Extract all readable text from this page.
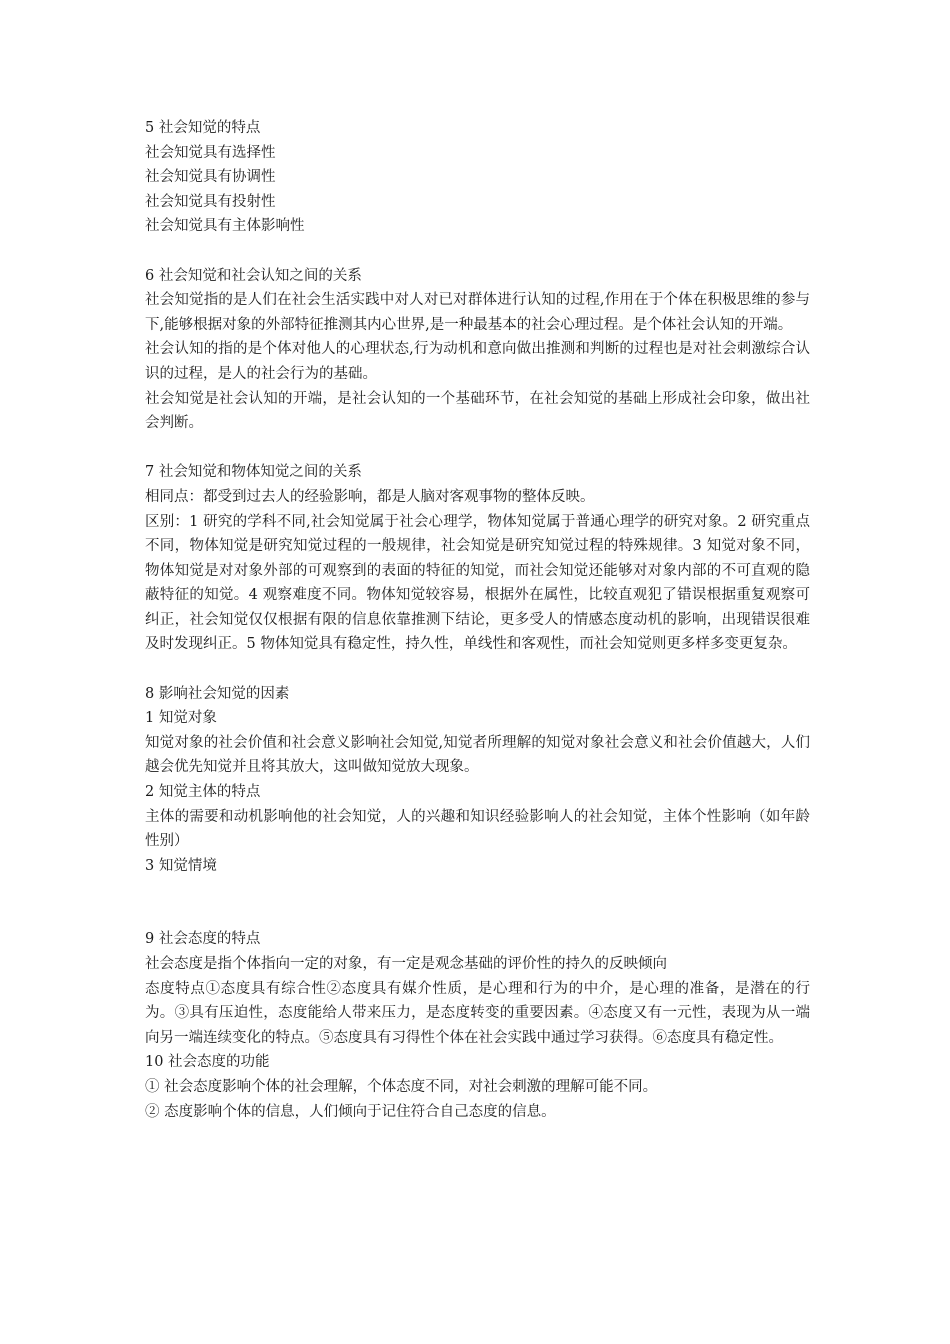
5 社会知觉的特点

社会知觉具有选择性

社会知觉具有协调性

社会知觉具有投射性

社会知觉具有主体影响性

6 社会知觉和社会认知之间的关系

社会知觉指的是人们在社会生活实践中对人对已对群体进行认知的过程,作用在于个体在积极思维的参与下,能够根据对象的外部特征推测其内心世界,是一种最基本的社会心理过程。是个体社会认知的开端。

社会认知的指的是个体对他人的心理状态,行为动机和意向做出推测和判断的过程也是对社会刺激综合认识的过程，是人的社会行为的基础。

社会知觉是社会认知的开端，是社会认知的一个基础环节，在社会知觉的基础上形成社会印象，做出社会判断。

7 社会知觉和物体知觉之间的关系

相同点：都受到过去人的经验影响，都是人脑对客观事物的整体反映。

区别：1 研究的学科不同,社会知觉属于社会心理学，物体知觉属于普通心理学的研究对象。2 研究重点不同，物体知觉是研究知觉过程的一般规律，社会知觉是研究知觉过程的特殊规律。3 知觉对象不同，物体知觉是对对象外部的可观察到的表面的特征的知觉，而社会知觉还能够对对象内部的不可直观的隐蔽特征的知觉。4 观察难度不同。物体知觉较容易，根据外在属性，比较直观犯了错误根据重复观察可纠正，社会知觉仅仅根据有限的信息依靠推测下结论，更多受人的情感态度动机的影响，出现错误很难及时发现纠正。5 物体知觉具有稳定性，持久性，单线性和客观性，而社会知觉则更多样多变更复杂。

8 影响社会知觉的因素

1 知觉对象

知觉对象的社会价值和社会意义影响社会知觉,知觉者所理解的知觉对象社会意义和社会价值越大，人们越会优先知觉并且将其放大，这叫做知觉放大现象。

2 知觉主体的特点

主体的需要和动机影响他的社会知觉，人的兴趣和知识经验影响人的社会知觉，主体个性影响（如年龄性别）

3 知觉情境

9 社会态度的特点

社会态度是指个体指向一定的对象，有一定是观念基础的评价性的持久的反映倾向

态度特点①态度具有综合性②态度具有媒介性质，是心理和行为的中介，是心理的准备，是潜在的行为。③具有压迫性，态度能给人带来压力，是态度转变的重要因素。④态度又有一元性，表现为从一端向另一端连续变化的特点。⑤态度具有习得性个体在社会实践中通过学习获得。⑥态度具有稳定性。

10 社会态度的功能

① 社会态度影响个体的社会理解，个体态度不同，对社会刺激的理解可能不同。

② 态度影响个体的信息，人们倾向于记住符合自己态度的信息。
